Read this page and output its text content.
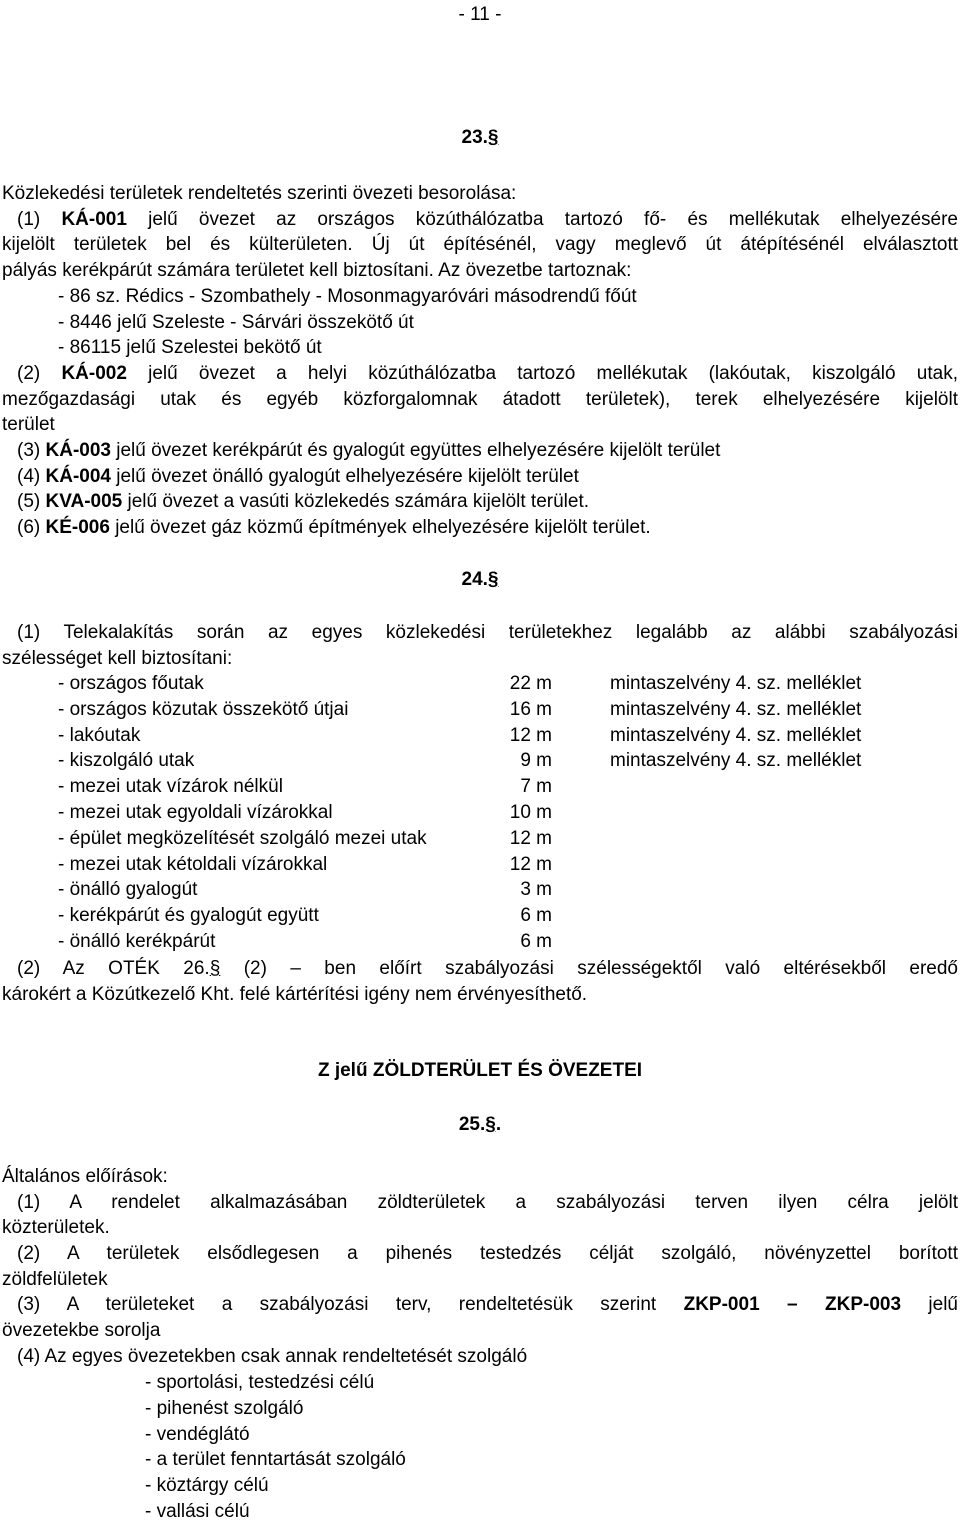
- 11 -
23.§
Közlekedési területek rendeltetés szerinti övezeti besorolása:
(1) KÁ-001 jelű övezet az országos közúthálózatba tartozó fő- és mellékutak elhelyezésére
kijelölt területek bel és külterületen. Új út építésénél, vagy meglevő út átépítésénél elválasztott
pályás kerékpárút számára területet kell biztosítani. Az övezetbe tartoznak:
- 86 sz. Rédics - Szombathely - Mosonmagyaróvári másodrendű főút
- 8446 jelű Szeleste - Sárvári összekötő út
- 86115 jelű Szelestei bekötő út
(2) KÁ-002 jelű övezet a helyi közúthálózatba tartozó mellékutak (lakóutak, kiszolgáló utak,
mezőgazdasági utak és egyéb közforgalomnak átadott területek), terek elhelyezésére kijelölt
terület
(3) KÁ-003 jelű övezet kerékpárút és gyalogút együttes elhelyezésére kijelölt terület
(4) KÁ-004 jelű övezet önálló gyalogút elhelyezésére kijelölt terület
(5) KVA-005 jelű övezet a vasúti közlekedés számára kijelölt terület.
(6) KÉ-006 jelű övezet gáz közmű építmények elhelyezésére kijelölt terület.
24.§
(1) Telekalakítás során az egyes közlekedési területekhez legalább az alábbi szabályozási
szélességet kell biztosítani:
- országos főutak	22 m	mintaszelvény 4. sz. melléklet
- országos közutak összekötő útjai	16 m	mintaszelvény 4. sz. melléklet
- lakóutak	12 m	mintaszelvény 4. sz. melléklet
- kiszolgáló utak	9 m	mintaszelvény 4. sz. melléklet
- mezei utak vízárok nélkül	7 m
- mezei utak egyoldali vízárokkal	10 m
- épület megközelítését szolgáló mezei utak	12 m
- mezei utak kétoldali vízárokkal	12 m
- önálló gyalogút	3 m
- kerékpárút és gyalogút együtt	6 m
- önálló kerékpárút	6 m
(2) Az OTÉK 26.§ (2) – ben előírt szabályozási szélességektől való eltérésekből eredő
károkért a Közútkezelő Kht. felé kártérítési igény nem érvényesíthető.
Z jelű ZÖLDTERÜLET ÉS ÖVEZETEI
25.§.
Általános előírások:
(1) A rendelet alkalmazásában zöldterületek a szabályozási terven ilyen célra jelölt
közterületek.
(2) A területek elsődlegesen a pihenés testedzés célját szolgáló, növényzettel borított
zöldfelületek
(3) A területeket a szabályozási terv, rendeltetésük szerint ZKP-001 – ZKP-003 jelű
övezetekbe sorolja
(4) Az egyes övezetekben csak annak rendeltetését szolgáló
- sportolási, testedzési célú
- pihenést szolgáló
- vendéglátó
- a terület fenntartását szolgáló
- köztárgy célú
- vallási célú
